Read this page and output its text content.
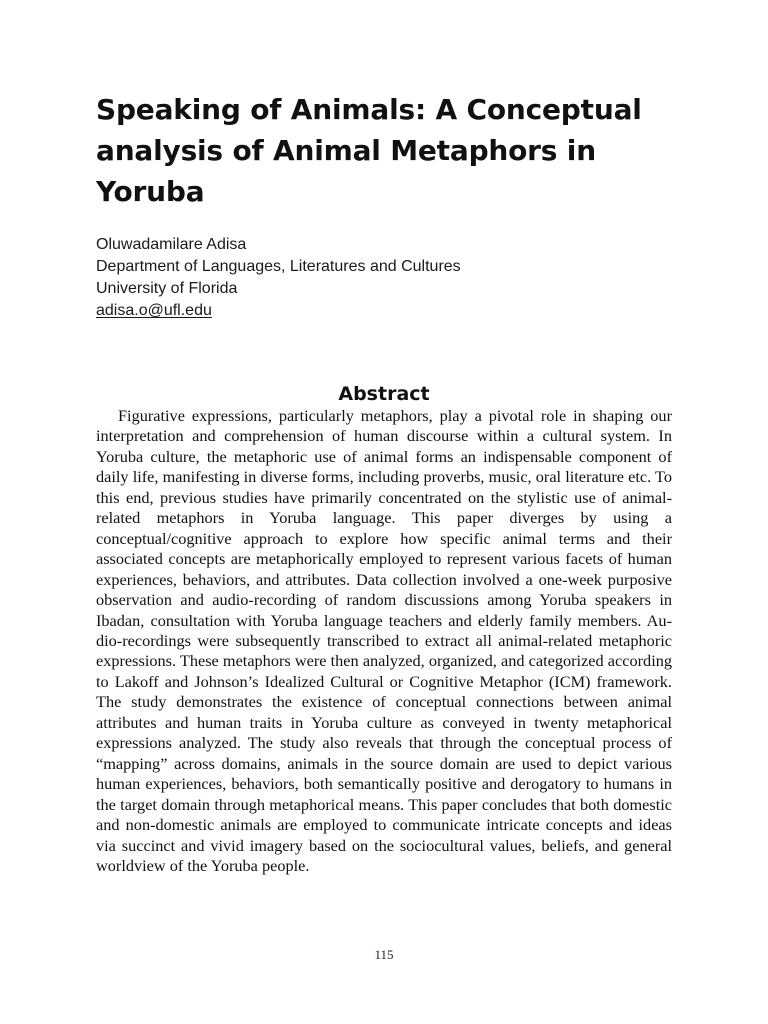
Speaking of Animals: A Conceptual analysis of Animal Metaphors in Yoruba
Oluwadamilare Adisa
Department of Languages, Literatures and Cultures
University of Florida
adisa.o@ufl.edu
Abstract

Figurative expressions, particularly metaphors, play a pivotal role in shaping our interpretation and comprehension of human discourse within a cultural system. In Yoruba culture, the metaphoric use of animal forms an indispensable component of daily life, manifesting in diverse forms, including proverbs, music, oral literature etc. To this end, previous studies have primarily concentrated on the stylistic use of animal-related metaphors in Yoruba language. This paper diverges by using a conceptual/cognitive approach to explore how specific animal terms and their associated concepts are metaphorically employed to represent various facets of human experiences, behaviors, and attributes. Data collection involved a one-week purposive observation and audio-recording of random discussions among Yoruba speakers in Ibadan, consultation with Yoruba language teachers and elderly family members. Audio-recordings were subsequently transcribed to extract all animal-related metaphoric expressions. These metaphors were then analyzed, organized, and categorized according to Lakoff and Johnson’s Idealized Cultural or Cognitive Metaphor (ICM) framework. The study demonstrates the existence of conceptual connections between animal attributes and human traits in Yoruba culture as conveyed in twenty metaphorical expressions analyzed. The study also reveals that through the conceptual process of “mapping” across domains, animals in the source domain are used to depict various human experiences, behaviors, both semantically positive and derogatory to humans in the target domain through metaphorical means. This paper concludes that both domestic and non-domestic animals are employed to communicate intricate concepts and ideas via succinct and vivid imagery based on the sociocultural values, beliefs, and general worldview of the Yoruba people.

115
